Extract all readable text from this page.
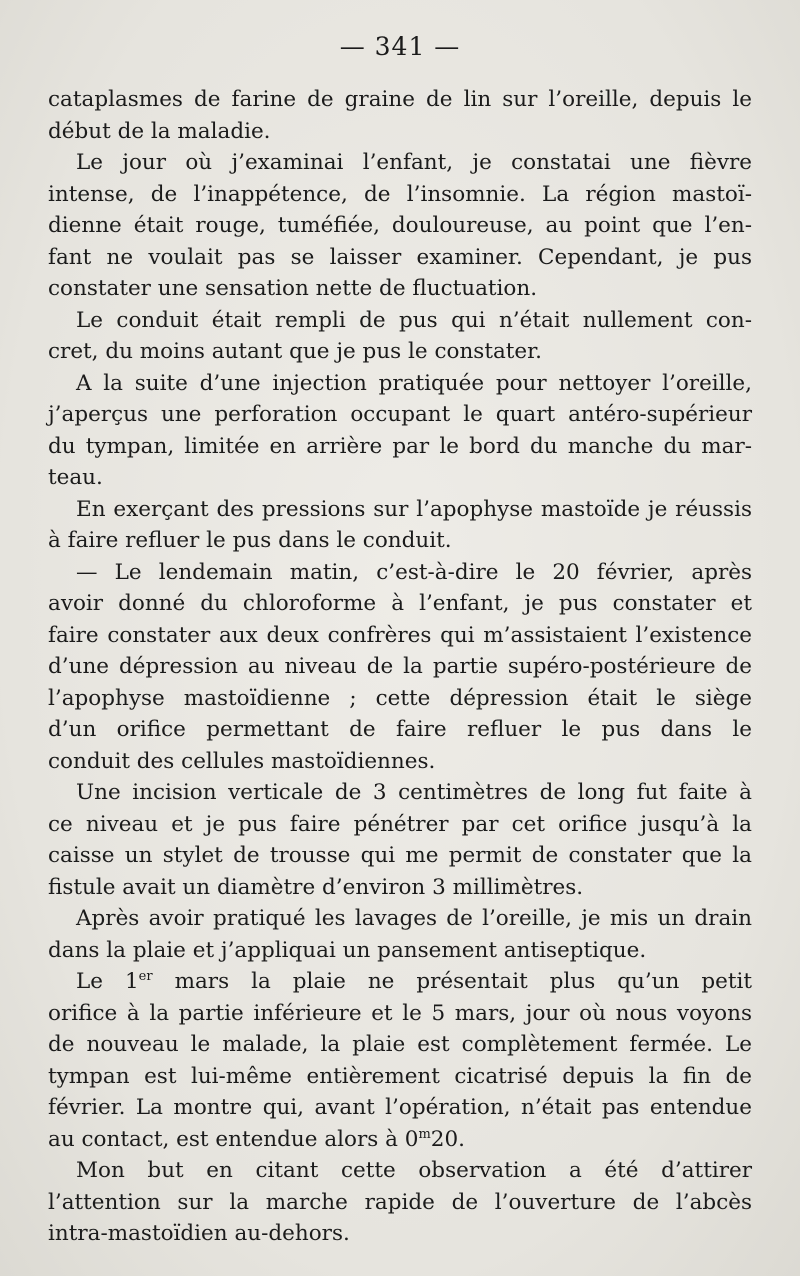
— 341 —

cataplasmes de farine de graine de lin sur l’oreille, depuis le
début de la maladie.

Le jour où j’examinai l’enfant, je constatai une fièvre
intense, de l’inappétence, de l’insomnie. La région mastoï-
dienne était rouge, tuméfiée, douloureuse, au point que l’en-
fant ne voulait pas se laisser examiner. Cependant, je pus
constater une sensation nette de fluctuation.

Le conduit était rempli de pus qui n’était nullement con-
cret, du moins autant que je pus le constater.

A la suite d’une injection pratiquée pour nettoyer l’oreille,
j’aperçus une perforation occupant le quart antéro-supérieur
du tympan, limitée en arrière par le bord du manche du mar-
teau.

En exerçant des pressions sur l’apophyse mastoïde je réussis
à faire refluer le pus dans le conduit.

— Le lendemain matin, c’est-à-dire le 20 février, après
avoir donné du chloroforme à l’enfant, je pus constater et
faire constater aux deux confrères qui m’assistaient l’existence
d’une dépression au niveau de la partie supéro-postérieure de
l’apophyse mastoïdienne ; cette dépression était le siège
d’un orifice permettant de faire refluer le pus dans le
conduit des cellules mastoïdiennes.

Une incision verticale de 3 centimètres de long fut faite à
ce niveau et je pus faire pénétrer par cet orifice jusqu’à la
caisse un stylet de trousse qui me permit de constater que la
fistule avait un diamètre d’environ 3 millimètres.

Après avoir pratiqué les lavages de l’oreille, je mis un drain
dans la plaie et j’appliquai un pansement antiseptique.

Le 1er mars la plaie ne présentait plus qu’un petit
orifice à la partie inférieure et le 5 mars, jour où nous voyons
de nouveau le malade, la plaie est complètement fermée. Le
tympan est lui-même entièrement cicatrisé depuis la fin de
février. La montre qui, avant l’opération, n’était pas entendue
au contact, est entendue alors à 0$^m$20.

Mon but en citant cette observation a été d’attirer
l’attention sur la marche rapide de l’ouverture de l’abcès
intra-mastoïdien au-dehors.
